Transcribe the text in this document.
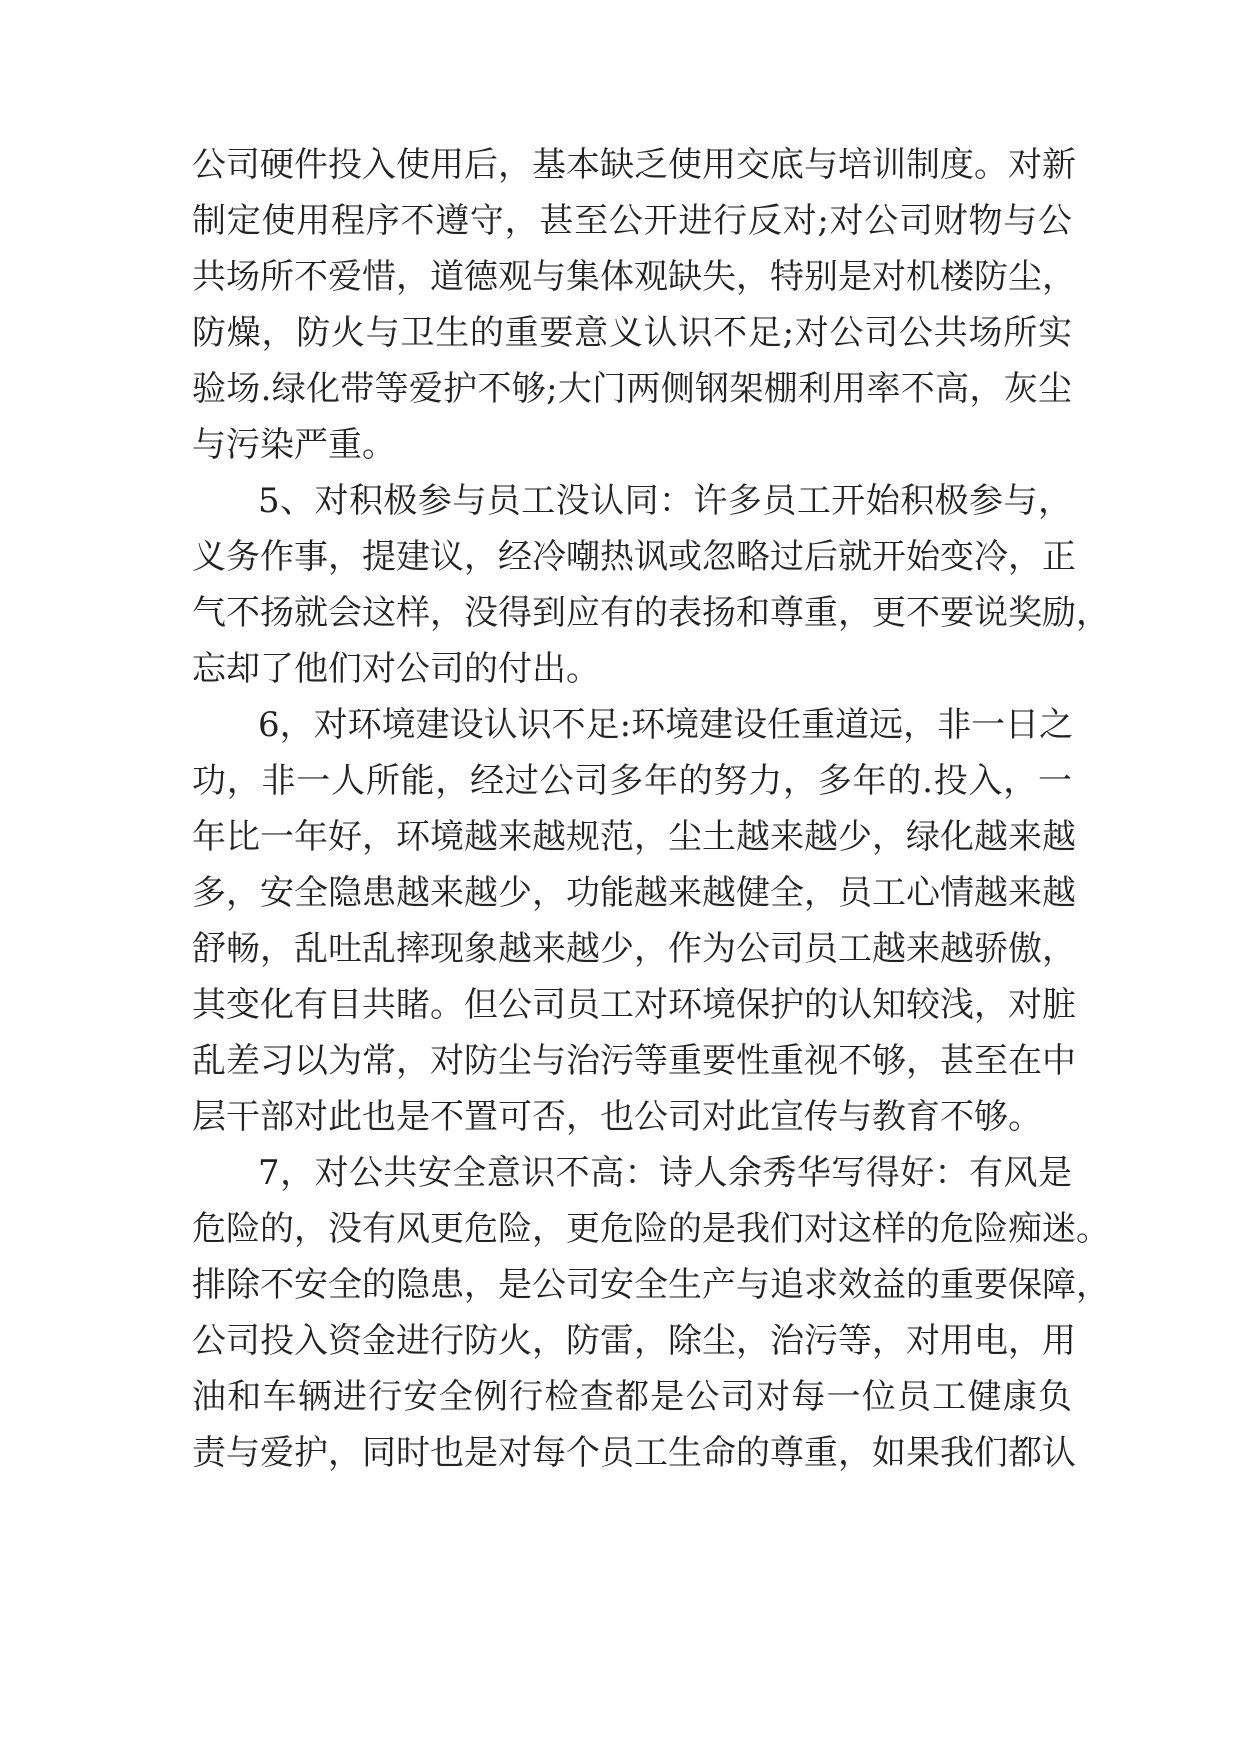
公司硬件投入使用后，基本缺乏使用交底与培训制度。对新

制定使用程序不遵守，甚至公开进行反对;对公司财物与公

共场所不爱惜，道德观与集体观缺失，特别是对机楼防尘，

防燥，防火与卫生的重要意义认识不足;对公司公共场所实

验场.绿化带等爱护不够;大门两侧钢架棚利用率不高，灰尘

与污染严重。

5、对积极参与员工没认同：许多员工开始积极参与，

义务作事，提建议，经冷嘲热讽或忽略过后就开始变冷，正

气不扬就会这样，没得到应有的表扬和尊重，更不要说奖励，

忘却了他们对公司的付出。

6，对环境建设认识不足:环境建设任重道远，非一日之

功，非一人所能，经过公司多年的努力，多年的.投入，一

年比一年好，环境越来越规范，尘土越来越少，绿化越来越

多，安全隐患越来越少，功能越来越健全，员工心情越来越

舒畅，乱吐乱摔现象越来越少，作为公司员工越来越骄傲，

其变化有目共睹。但公司员工对环境保护的认知较浅，对脏

乱差习以为常，对防尘与治污等重要性重视不够，甚至在中

层干部对此也是不置可否，也公司对此宣传与教育不够。

7，对公共安全意识不高：诗人余秀华写得好：有风是

危险的，没有风更危险，更危险的是我们对这样的危险痴迷。

排除不安全的隐患，是公司安全生产与追求效益的重要保障，

公司投入资金进行防火，防雷，除尘，治污等，对用电，用

油和车辆进行安全例行检查都是公司对每一位员工健康负

责与爱护，同时也是对每个员工生命的尊重，如果我们都认
